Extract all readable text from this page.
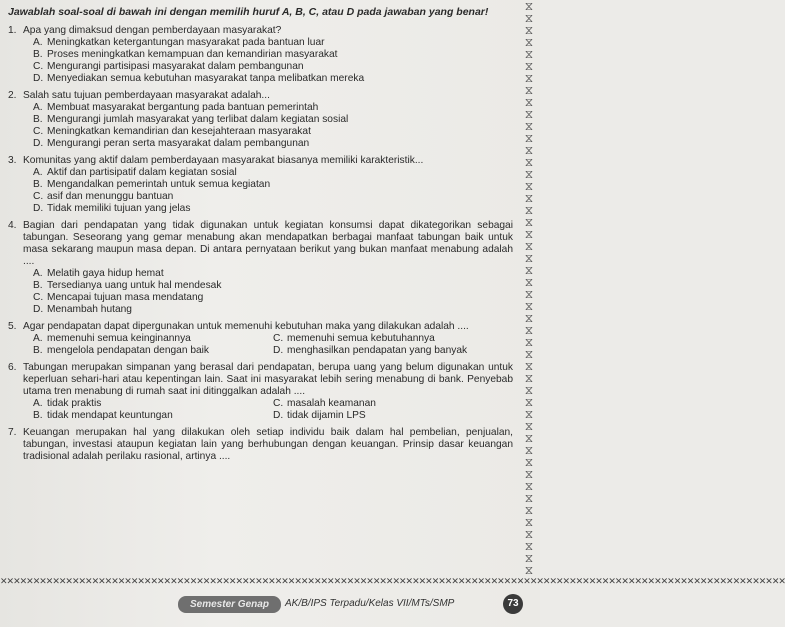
⧖
⧖
⧖
⧖
⧖
⧖
⧖
⧖
⧖
⧖
⧖
⧖
⧖
⧖
⧖
⧖
⧖
⧖
⧖
⧖
⧖
⧖
⧖
⧖
⧖
⧖
⧖
⧖
⧖
⧖
⧖
⧖
⧖
⧖
⧖
⧖
⧖
⧖
⧖
⧖
⧖
⧖
⧖
⧖
⧖
⧖
⧖
⧖
Jawablah soal-soal di bawah ini dengan memilih huruf A, B, C, atau D pada jawaban yang benar!
1. Apa yang dimaksud dengan pemberdayaan masyarakat?
A. Meningkatkan ketergantungan masyarakat pada bantuan luar
B. Proses meningkatkan kemampuan dan kemandirian masyarakat
C. Mengurangi partisipasi masyarakat dalam pembangunan
D. Menyediakan semua kebutuhan masyarakat tanpa melibatkan mereka
2. Salah satu tujuan pemberdayaan masyarakat adalah...
A. Membuat masyarakat bergantung pada bantuan pemerintah
B. Mengurangi jumlah masyarakat yang terlibat dalam kegiatan sosial
C. Meningkatkan kemandirian dan kesejahteraan masyarakat
D. Mengurangi peran serta masyarakat dalam pembangunan
3. Komunitas yang aktif dalam pemberdayaan masyarakat biasanya memiliki karakteristik...
A. Aktif dan partisipatif dalam kegiatan sosial
B. Mengandalkan pemerintah untuk semua kegiatan
C. asif dan menunggu bantuan
D. Tidak memiliki tujuan yang jelas
4. Bagian dari pendapatan yang tidak digunakan untuk kegiatan konsumsi dapat dikategorikan sebagai tabungan. Seseorang yang gemar menabung akan mendapatkan berbagai manfaat tabungan baik untuk masa sekarang maupun masa depan. Di antara pernyataan berikut yang bukan manfaat menabung adalah ....
A. Melatih gaya hidup hemat
B. Tersedianya uang untuk hal mendesak
C. Mencapai tujuan masa mendatang
D. Menambah hutang
5. Agar pendapatan dapat dipergunakan untuk memenuhi kebutuhan maka yang dilakukan adalah ....
A. memenuhi semua keinginannya	C. memenuhi semua kebutuhannya
B. mengelola pendapatan dengan baik	D. menghasilkan pendapatan yang banyak
6. Tabungan merupakan simpanan yang berasal dari pendapatan, berupa uang yang belum digunakan untuk keperluan sehari-hari atau kepentingan lain. Saat ini masyarakat lebih sering menabung di bank. Penyebab utama tren menabung di rumah saat ini ditinggalkan adalah ....
A. tidak praktis	C. masalah keamanan
B. tidak mendapat keuntungan	D. tidak dijamin LPS
7. Keuangan merupakan hal yang dilakukan oleh setiap individu baik dalam hal pembelian, penjualan, tabungan, investasi ataupun kegiatan lain yang berhubungan dengan keuangan. Prinsip dasar keuangan tradisional adalah perilaku rasional, artinya ....
✕✕✕✕✕✕✕✕✕✕✕✕✕✕✕✕✕✕✕✕✕✕✕✕✕✕✕✕✕✕✕✕✕✕✕✕✕✕✕✕✕✕✕✕✕✕✕✕✕✕✕✕✕✕✕✕✕✕✕✕✕✕✕✕✕✕✕✕✕✕✕✕✕✕✕✕✕✕✕✕✕✕✕✕✕✕✕✕✕✕✕✕✕✕✕✕✕✕✕✕✕✕✕✕✕✕✕✕✕✕✕✕✕✕✕✕✕✕✕✕
Semester Genap	AK/B/IPS Terpadu/Kelas VII/MTs/SMP	73
